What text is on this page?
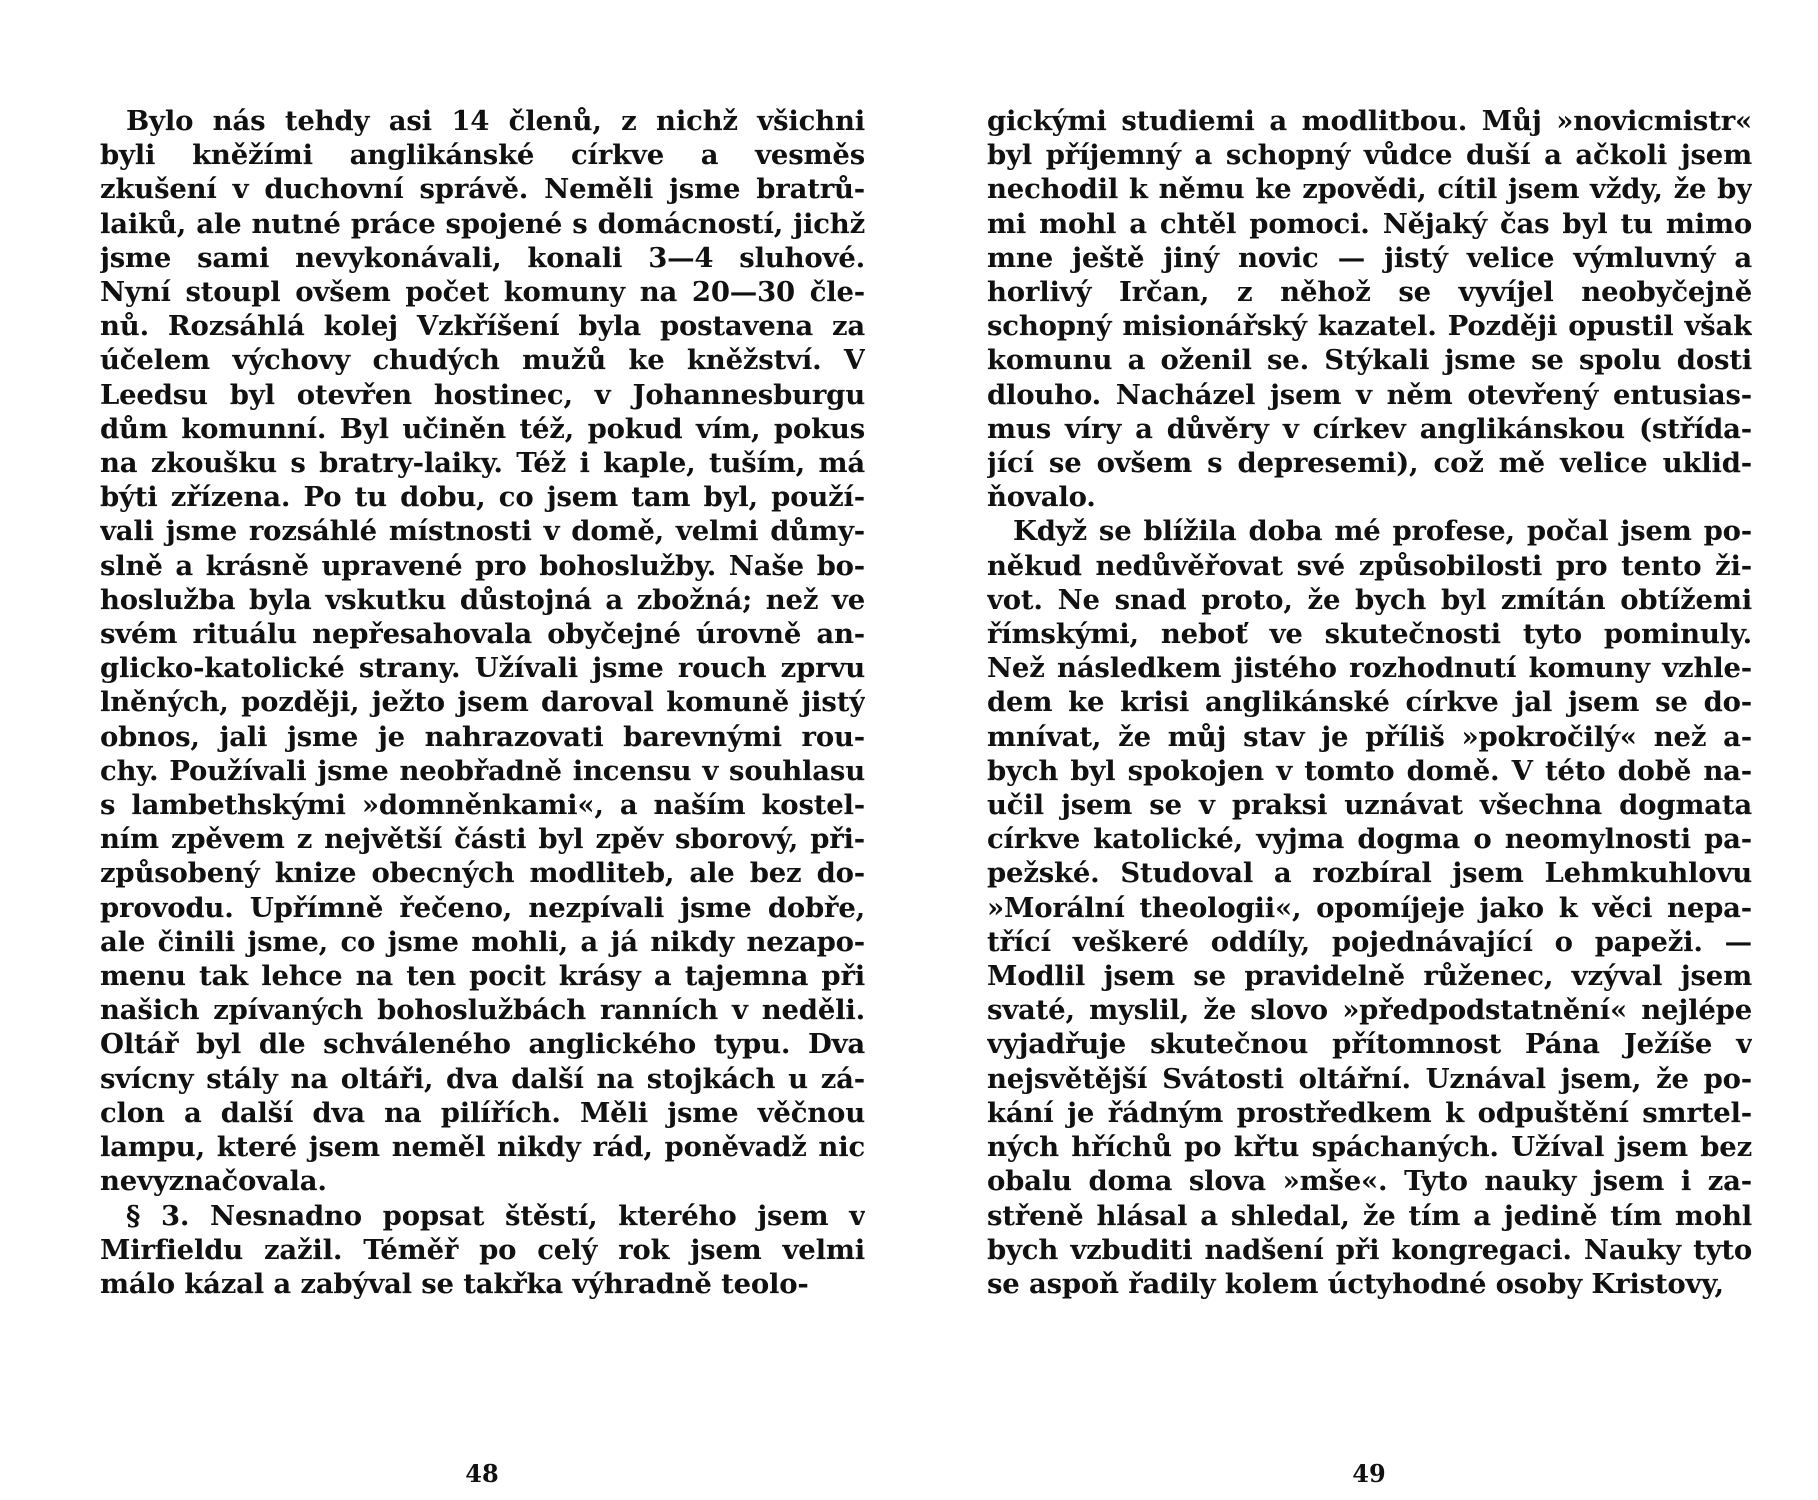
Bylo nás tehdy asi 14 členů, z nichž všichni
byli kněžími anglikánské církve a vesměs
zkušení v duchovní správě. Neměli jsme bratrů-
laiků, ale nutné práce spojené s domácností, jichž
jsme sami nevykonávali, konali 3—4 sluhové.
Nyní stoupl ovšem počet komuny na 20—30 čle-
nů. Rozsáhlá kolej Vzkříšení byla postavena za
účelem výchovy chudých mužů ke kněžství. V
Leedsu byl otevřen hostinec, v Johannesburgu
dům komunní. Byl učiněn též, pokud vím, pokus
na zkoušku s bratry-laiky. Též i kaple, tuším, má
býti zřízena. Po tu dobu, co jsem tam byl, použí-
vali jsme rozsáhlé místnosti v domě, velmi důmy-
slně a krásně upravené pro bohoslužby. Naše bo-
hoslužba byla vskutku důstojná a zbožná; než ve
svém rituálu nepřesahovala obyčejné úrovně an-
glicko-katolické strany. Užívali jsme rouch zprvu
lněných, později, ježto jsem daroval komuně jistý
obnos, jali jsme je nahrazovati barevnými rou-
chy. Používali jsme neobřadně incensu v souhlasu
s lambethskými »domněnkami«, a naším kostel-
ním zpěvem z největší části byl zpěv sborový, při-
způsobený knize obecných modliteb, ale bez do-
provodu. Upřímně řečeno, nezpívali jsme dobře,
ale činili jsme, co jsme mohli, a já nikdy nezapo-
menu tak lehce na ten pocit krásy a tajemna při
našich zpívaných bohoslužbách ranních v neděli.
Oltář byl dle schváleného anglického typu. Dva
svícny stály na oltáři, dva další na stojkách u zá-
clon a další dva na pilířích. Měli jsme věčnou
lampu, které jsem neměl nikdy rád, poněvadž nic
nevyznačovala.
§ 3. Nesnadno popsat štěstí, kterého jsem v
Mirfieldu zažil. Téměř po celý rok jsem velmi
málo kázal a zabýval se takřka výhradně teolo-
48
gickými studiemi a modlitbou. Můj »novicmistr«
byl příjemný a schopný vůdce duší a ačkoli jsem
nechodil k němu ke zpovědi, cítil jsem vždy, že by
mi mohl a chtěl pomoci. Nějaký čas byl tu mimo
mne ještě jiný novic — jistý velice výmluvný a
horlivý Irčan, z něhož se vyvíjel neobyčejně
schopný misionářský kazatel. Později opustil však
komunu a oženil se. Stýkali jsme se spolu dosti
dlouho. Nacházel jsem v něm otevřený entusias-
mus víry a důvěry v církev anglikánskou (střída-
jící se ovšem s depresemi), což mě velice uklid-
ňovalo.
Když se blížila doba mé profese, počal jsem po-
někud nedůvěřovat své způsobilosti pro tento ži-
vot. Ne snad proto, že bych byl zmítán obtížemi
římskými, neboť ve skutečnosti tyto pominuly.
Než následkem jistého rozhodnutí komuny vzhle-
dem ke krisi anglikánské církve jal jsem se do-
mnívat, že můj stav je příliš »pokročilý« než a-
bych byl spokojen v tomto domě. V této době na-
učil jsem se v praksi uznávat všechna dogmata
církve katolické, vyjma dogma o neomylnosti pa-
pežské. Studoval a rozbíral jsem Lehmkuhlovu
»Morální theologii«, opomíjeje jako k věci nepa-
třící veškeré oddíly, pojednávající o papeži. —
Modlil jsem se pravidelně růženec, vzýval jsem
svaté, myslil, že slovo »předpodstatnění« nejlépe
vyjadřuje skutečnou přítomnost Pána Ježíše v
nejsvětější Svátosti oltářní. Uznával jsem, že po-
kání je řádným prostředkem k odpuštění smrtel-
ných hříchů po křtu spáchaných. Užíval jsem bez
obalu doma slova »mše«. Tyto nauky jsem i za-
střeně hlásal a shledal, že tím a jedině tím mohl
bych vzbuditi nadšení při kongregaci. Nauky tyto
se aspoň řadily kolem úctyhodné osoby Kristovy,
49
